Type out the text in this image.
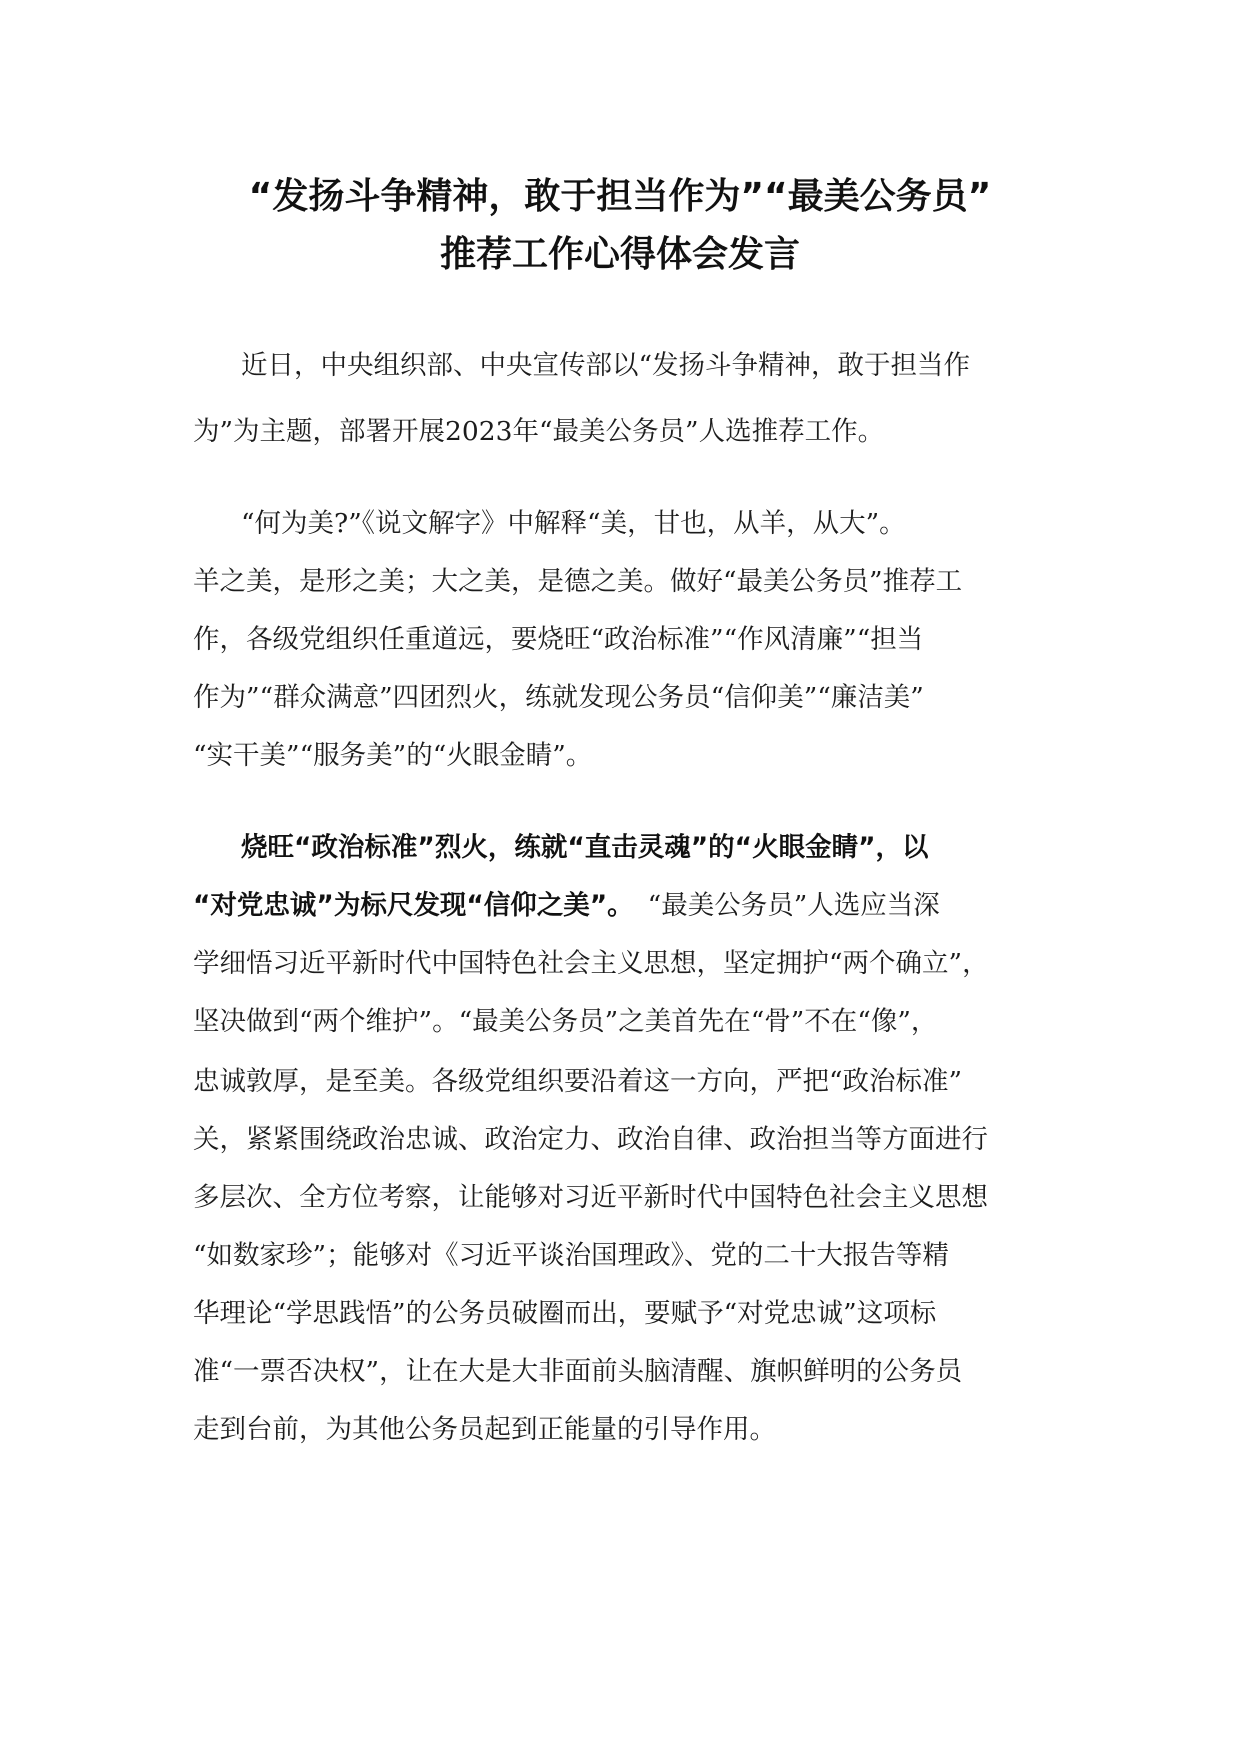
“发扬斗争精神，敢于担当作为”“最美公务员”
推荐工作心得体会发言
近日，中央组织部、中央宣传部以“发扬斗争精神，敢于担当作
为”为主题，部署开展2023年“最美公务员”人选推荐工作。
“何为美?”《说文解字》中解释“美，甘也，从羊，从大”。
羊之美，是形之美；大之美，是德之美。做好“最美公务员”推荐工
作，各级党组织任重道远，要烧旺“政治标准”“作风清廉”“担当
作为”“群众满意”四团烈火，练就发现公务员“信仰美”“廉洁美”
“实干美”“服务美”的“火眼金睛”。
烧旺“政治标准”烈火，练就“直击灵魂”的“火眼金睛”，以
“对党忠诚”为标尺发现“信仰之美”。 “最美公务员”人选应当深
学细悟习近平新时代中国特色社会主义思想，坚定拥护“两个确立”，
坚决做到“两个维护”。“最美公务员”之美首先在“骨”不在“像”，
忠诚敦厚，是至美。各级党组织要沿着这一方向，严把“政治标准”
关，紧紧围绕政治忠诚、政治定力、政治自律、政治担当等方面进行
多层次、全方位考察，让能够对习近平新时代中国特色社会主义思想
“如数家珍”；能够对《习近平谈治国理政》、党的二十大报告等精
华理论“学思践悟”的公务员破圈而出，要赋予“对党忠诚”这项标
准“一票否决权”，让在大是大非面前头脑清醒、旗帜鲜明的公务员
走到台前，为其他公务员起到正能量的引导作用。
